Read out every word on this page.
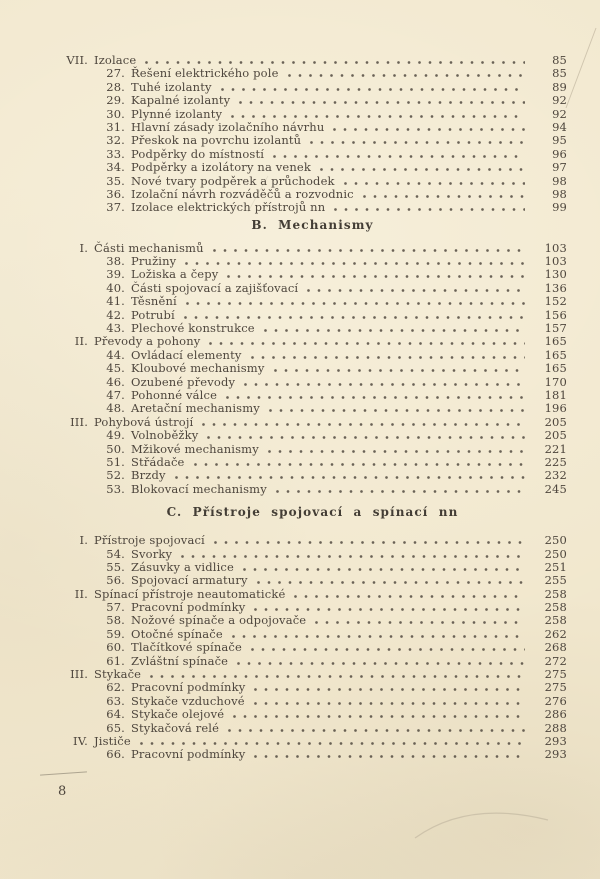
VII. Izolace	85
27. Řešení elektrického pole	85
28. Tuhé izolanty	89
29. Kapalné izolanty	92
30. Plynné izolanty	92
31. Hlavní zásady izolačního návrhu	94
32. Přeskok na povrchu izolantů	95
33. Podpěrky do místností	96
34. Podpěrky a izolátory na venek	97
35. Nové tvary podpěrek a průchodek	98
36. Izolační návrh rozváděčů a rozvodnic	98
37. Izolace elektrických přístrojů nn	99
B. Mechanismy
I. Části mechanismů	103
38. Pružiny	103
39. Ložiska a čepy	130
40. Části spojovací a zajišťovací	136
41. Těsnění	152
42. Potrubí	156
43. Plechové konstrukce	157
II. Převody a pohony	165
44. Ovládací elementy	165
45. Kloubové mechanismy	165
46. Ozubené převody	170
47. Pohonné válce	181
48. Aretační mechanismy	196
III. Pohybová ústrojí	205
49. Volnoběžky	205
50. Mžikové mechanismy	221
51. Střádače	225
52. Brzdy	232
53. Blokovací mechanismy	245
C. Přístroje spojovací a spínací nn
I. Přístroje spojovací	250
54. Svorky	250
55. Zásuvky a vidlice	251
56. Spojovací armatury	255
II. Spínací přístroje neautomatické	258
57. Pracovní podmínky	258
58. Nožové spínače a odpojovače	258
59. Otočné spínače	262
60. Tlačítkové spínače	268
61. Zvláštní spínače	272
III. Stykače	275
62. Pracovní podmínky	275
63. Stykače vzduchové	276
64. Stykače olejové	286
65. Stykačová relé	288
IV. Jističe	293
66. Pracovní podmínky	293
8
